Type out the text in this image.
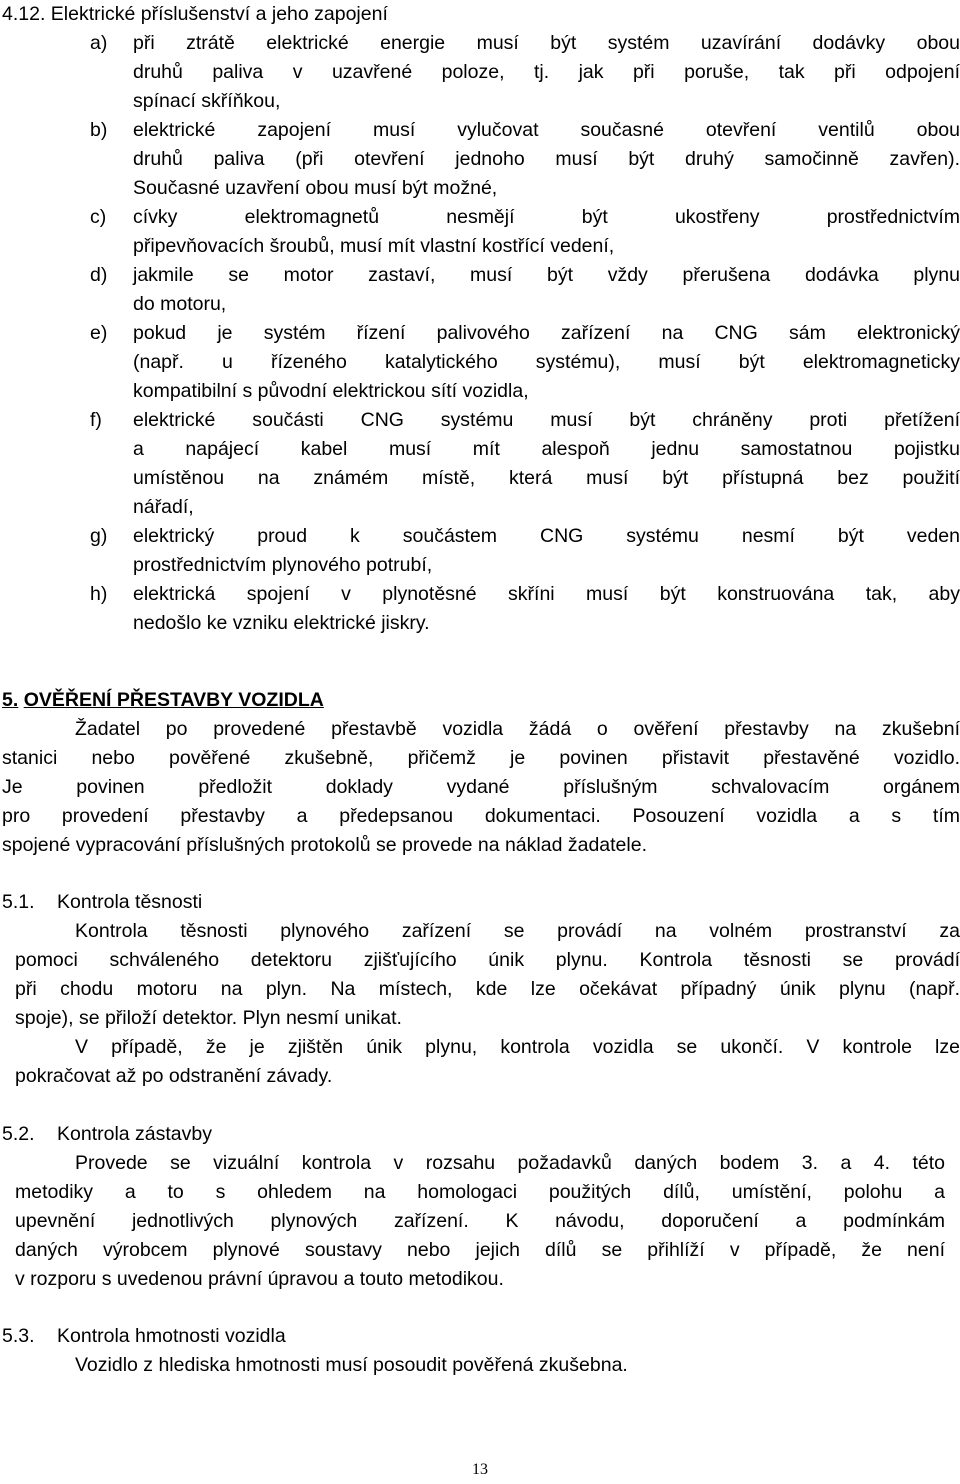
4.12. Elektrické příslušenství a jeho zapojení
a)	při ztrátě elektrické energie musí být systém uzavírání dodávky obou
druhů paliva v uzavřené poloze, tj. jak při poruše, tak při odpojení
spínací skříňkou,
b)	elektrické zapojení musí vylučovat současné otevření ventilů obou
druhů paliva (při otevření jednoho musí být druhý samočinně zavřen).
Současné uzavření obou musí být možné,
c)	cívky elektromagnetů nesmějí být ukostřeny prostřednictvím
připevňovacích šroubů, musí mít vlastní kostřící vedení,
d)	jakmile se motor zastaví, musí být vždy přerušena dodávka plynu
do motoru,
e)	pokud je systém řízení palivového zařízení na CNG sám elektronický
(např. u řízeného katalytického systému), musí být elektromagneticky
kompatibilní s původní elektrickou sítí vozidla,
f)	elektrické součásti CNG systému musí být chráněny proti přetížení
a napájecí kabel musí mít alespoň jednu samostatnou pojistku
umístěnou na známém místě, která musí být přístupná bez použití
nářadí,
g)	elektrický proud k součástem CNG systému nesmí být veden
prostřednictvím plynového potrubí,
h)	elektrická spojení v plynotěsné skříni musí být konstruována tak, aby
nedošlo ke vzniku elektrické jiskry.
5. OVĚŘENÍ PŘESTAVBY VOZIDLA
Žadatel po provedené přestavbě vozidla žádá o ověření přestavby na zkušební
stanici nebo pověřené zkušebně, přičemž je povinen přistavit přestavěné vozidlo.
Je povinen předložit doklady vydané příslušným schvalovacím orgánem
pro provedení přestavby a předepsanou dokumentaci. Posouzení vozidla a s tím
spojené vypracování příslušných protokolů se provede na náklad žadatele.
5.1. Kontrola těsnosti
Kontrola těsnosti plynového zařízení se provádí na volném prostranství za
pomoci schváleného detektoru zjišťujícího únik plynu. Kontrola těsnosti se provádí
při chodu motoru na plyn. Na místech, kde lze očekávat případný únik plynu (např.
spoje), se přiloží detektor. Plyn nesmí unikat.
V případě, že je zjištěn únik plynu, kontrola vozidla se ukončí. V kontrole lze
pokračovat až po odstranění závady.
5.2. Kontrola zástavby
Provede se vizuální kontrola v rozsahu požadavků daných bodem 3. a 4. této
metodiky a to s ohledem na homologaci použitých dílů, umístění, polohu a
upevnění jednotlivých plynových zařízení. K návodu, doporučení a podmínkám
daných výrobcem plynové soustavy nebo jejich dílů se přihlíží v případě, že není
v rozporu s uvedenou právní úpravou a touto metodikou.
5.3. Kontrola hmotnosti vozidla
Vozidlo z hlediska hmotnosti musí posoudit pověřená zkušebna.
13
